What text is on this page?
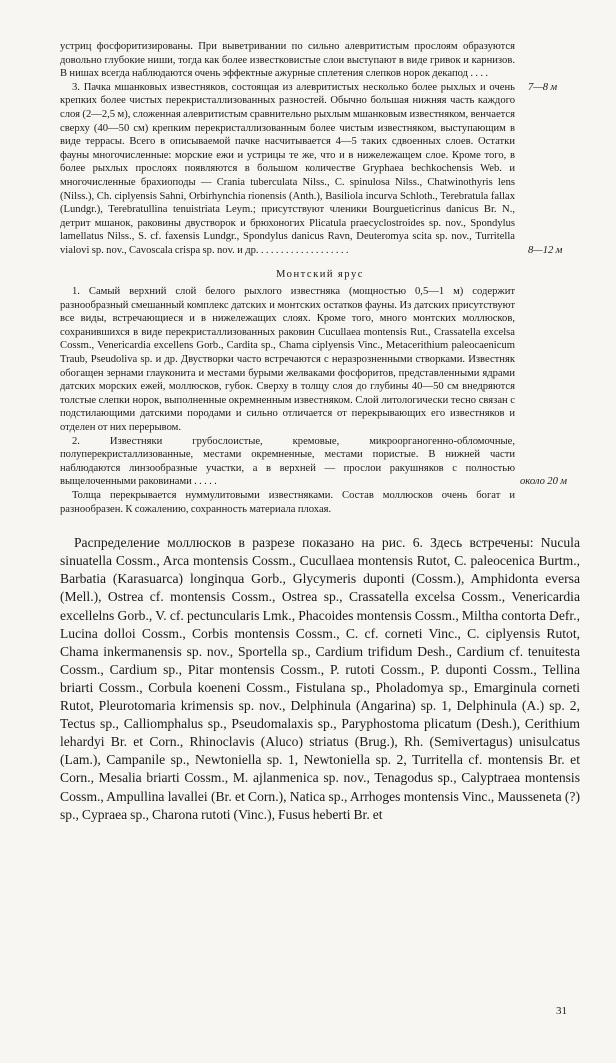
устриц фосфоритизированы. При выветривании по сильно алевритистым прослоям образуются довольно глубокие ниши, тогда как более известковистые слои выступают в виде гривок и карнизов. В нишах всегда наблюдаются очень эффектные ажурные сплетения слепков норок декапод . . . .

7—8 м

3. Пачка мшанковых известняков, состоящая из алевритистых несколько более рыхлых и очень крепких более чистых перекристаллизованных разностей. Обычно большая нижняя часть каждого слоя (2—2,5 м), сложенная алевритистым сравнительно рыхлым мшанковым известняком, венчается сверху (40—50 см) крепким перекристаллизованным более чистым известняком, выступающим в виде террасы. Всего в описываемой пачке насчитывается 4—5 таких сдвоенных слоев. Остатки фауны многочисленные: морские ежи и устрицы те же, что и в нижележащем слое. Кроме того, в более рыхлых прослоях появляются в большом количестве Gryphaea bechkochensis Web. и многочисленные брахиоподы — Crania tuberculata Nilss., C. spinulosa Nilss., Chatwinothyris lens (Nilss.), Ch. ciplyensis Sahni, Orbirhynchia rionensis (Anth.), Basiliola incurva Schloth., Terebratula fallax (Lundgr.), Terebratullina tenuistriata Leym.; присутствуют членики Bourgueticrinus danicus Br. N., детрит мшанок, раковины двустворок и брюхоногих Plicatula praecyclostroides sp. nov., Spondylus lamellatus Nilss., S. cf. faxensis Lundgr., Spondylus danicus Ravn, Deuteromya scita sp. nov., Turritella vialovi sp. nov., Cavoscala crispa sp. nov. и др. . . . . . . . . . . . . . . . . . .	8—12 м
Монтский ярус

1. Самый верхний слой белого рыхлого известняка (мощностью 0,5—1 м) содержит разнообразный смешанный комплекс датских и монтских остатков фауны. Из датских присутствуют все виды, встречающиеся и в нижележащих слоях. Кроме того, много монтских моллюсков, сохранившихся в виде перекристаллизованных раковин Cucullaea montensis Rut., Crassatella excelsa Cossm., Venericardia excellens Gorb., Cardita sp., Chama ciplyensis Vinc., Metacerithium paleocaenicum Traub, Pseudoliva sp. и др. Двустворки часто встречаются с неразрозненными створками. Известняк обогащен зернами глауконита и местами бурыми желваками фосфоритов, представленными ядрами датских морских ежей, моллюсков, губок. Сверху в толщу слоя до глубины 40—50 см внедряются толстые слепки норок, выполненные окремненным известняком. Слой литологически тесно связан с подстилающими датскими породами и сильно отличается от перекрывающих его известняков и отделен от них перерывом.

2. Известняки грубослоистые, кремовые, микроорганогенно-обломочные, полуперекристаллизованные, местами окремненные, местами пористые. В нижней части наблюдаются линзообразные участки, а в верхней — прослои ракушняков с полностью выщелоченными раковинами . . . . .	около 20 м

Толща перекрывается нуммулитовыми известняками. Состав моллюсков очень богат и разнообразен. К сожалению, сохранность материала плохая.

Распределение моллюсков в разрезе показано на рис. 6. Здесь встречены: Nucula sinuatella Cossm., Arca montensis Cossm., Cucullaea montensis Rutot, C. paleocenica Burtm., Barbatia (Karasuarca) longinqua Gorb., Glycymeris duponti (Cossm.), Amphidonta eversa (Mell.), Ostrea cf. montensis Cossm., Ostrea sp., Crassatella excelsa Cossm., Venericardia excellelns Gorb., V. cf. pectuncularis Lmk., Phacoides montensis Cossm., Miltha contorta Defr., Lucina dolloi Cossm., Corbis montensis Cossm., C. cf. corneti Vinc., C. ciplyensis Rutot, Chama inkermanensis sp. nov., Sportella sp., Cardium trifidum Desh., Cardium cf. tenuitesta Cossm., Cardium sp., Pitar montensis Cossm., P. rutoti Cossm., P. duponti Cossm., Tellina briarti Cossm., Corbula koeneni Cossm., Fistulana sp., Pholadomya sp., Emarginula corneti Rutot, Pleurotomaria krimensis sp. nov., Delphinula (Angarina) sp. 1, Delphinula (A.) sp. 2, Tectus sp., Calliomphalus sp., Pseudomalaxis sp., Paryphostoma plicatum (Desh.), Cerithium lehardyi Br. et Corn., Rhinoclavis (Aluco) striatus (Brug.), Rh. (Semivertagus) unisulcatus (Lam.), Campanile sp., Newtoniella sp. 1, Newtoniella sp. 2, Turritella cf. montensis Br. et Corn., Mesalia briarti Cossm., M. ajlanmenica sp. nov., Tenagodus sp., Calyptraea montensis Cossm., Ampullina lavallei (Br. et Corn.), Natica sp., Arrhoges montensis Vinc., Mausseneta (?) sp., Cypraea sp., Charona rutoti (Vinc.), Fusus heberti Br. et

31
